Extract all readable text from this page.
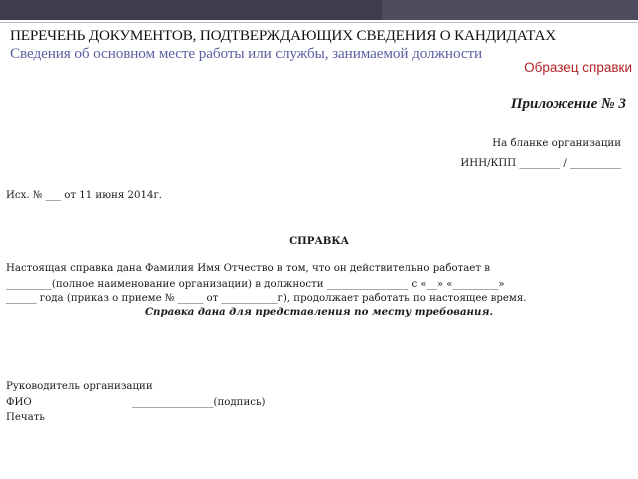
ПЕРЕЧЕНЬ ДОКУМЕНТОВ, ПОДТВЕРЖДАЮЩИХ СВЕДЕНИЯ О КАНДИДАТАХ
Сведения об основном месте работы или службы, занимаемой должности
Образец справки
Приложение № 3
На бланке организации
ИНН/КПП ________ / __________
Исх. № ___ от 11 июня 2014г.
СПРАВКА
Настоящая справка дана Фамилия Имя Отчество в том, что он действительно работает в
_________(полное наименование организации) в должности ________________ с «__» «_________»
______ года (приказ о приеме № _____ от ___________г), продолжает работать по настоящее время.
Справка дана для представления по месту требования.
Руководитель организации
ФИО	________________(подпись)
Печать
